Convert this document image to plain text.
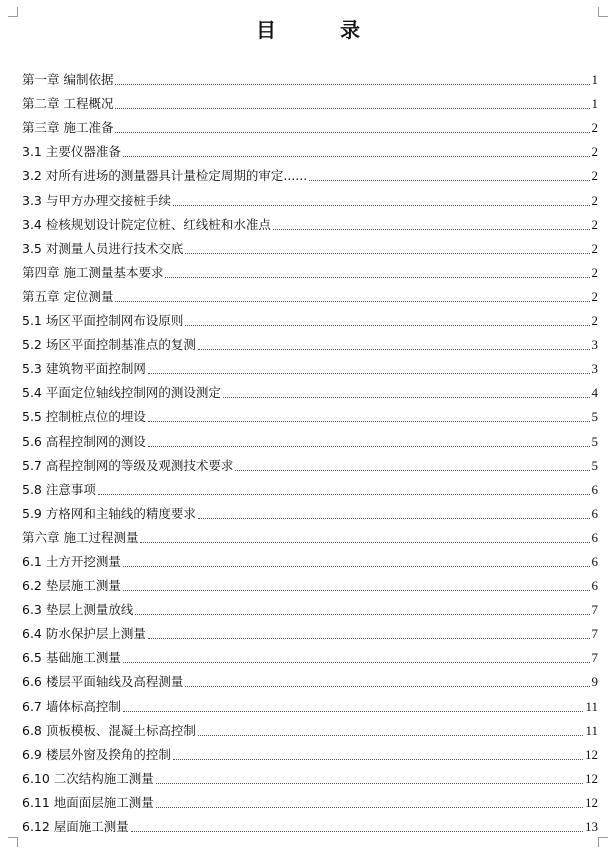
目　录
第一章 编制依据	1
第二章 工程概况	1
第三章 施工准备	2
3.1 主要仪器准备	2
3.2 对所有进场的测量器具计量检定周期的审定......	2
3.3 与甲方办理交接桩手续	2
3.4 检核规划设计院定位桩、红线桩和水准点	2
3.5 对测量人员进行技术交底	2
第四章 施工测量基本要求	2
第五章 定位测量	2
5.1 场区平面控制网布设原则	2
5.2 场区平面控制基准点的复测	3
5.3 建筑物平面控制网	3
5.4 平面定位轴线控制网的测设测定	4
5.5 控制桩点位的埋设	5
5.6 高程控制网的测设	5
5.7 高程控制网的等级及观测技术要求	5
5.8 注意事项	6
5.9 方格网和主轴线的精度要求	6
第六章 施工过程测量	6
6.1 土方开挖测量	6
6.2 垫层施工测量	6
6.3 垫层上测量放线	7
6.4 防水保护层上测量	7
6.5 基础施工测量	7
6.6 楼层平面轴线及高程测量	9
6.7 墙体标高控制	11
6.8 顶板模板、混凝土标高控制	11
6.9 楼层外窗及揆角的控制	12
6.10 二次结构施工测量	12
6.11 地面面层施工测量	12
6.12 屋面施工测量	13
